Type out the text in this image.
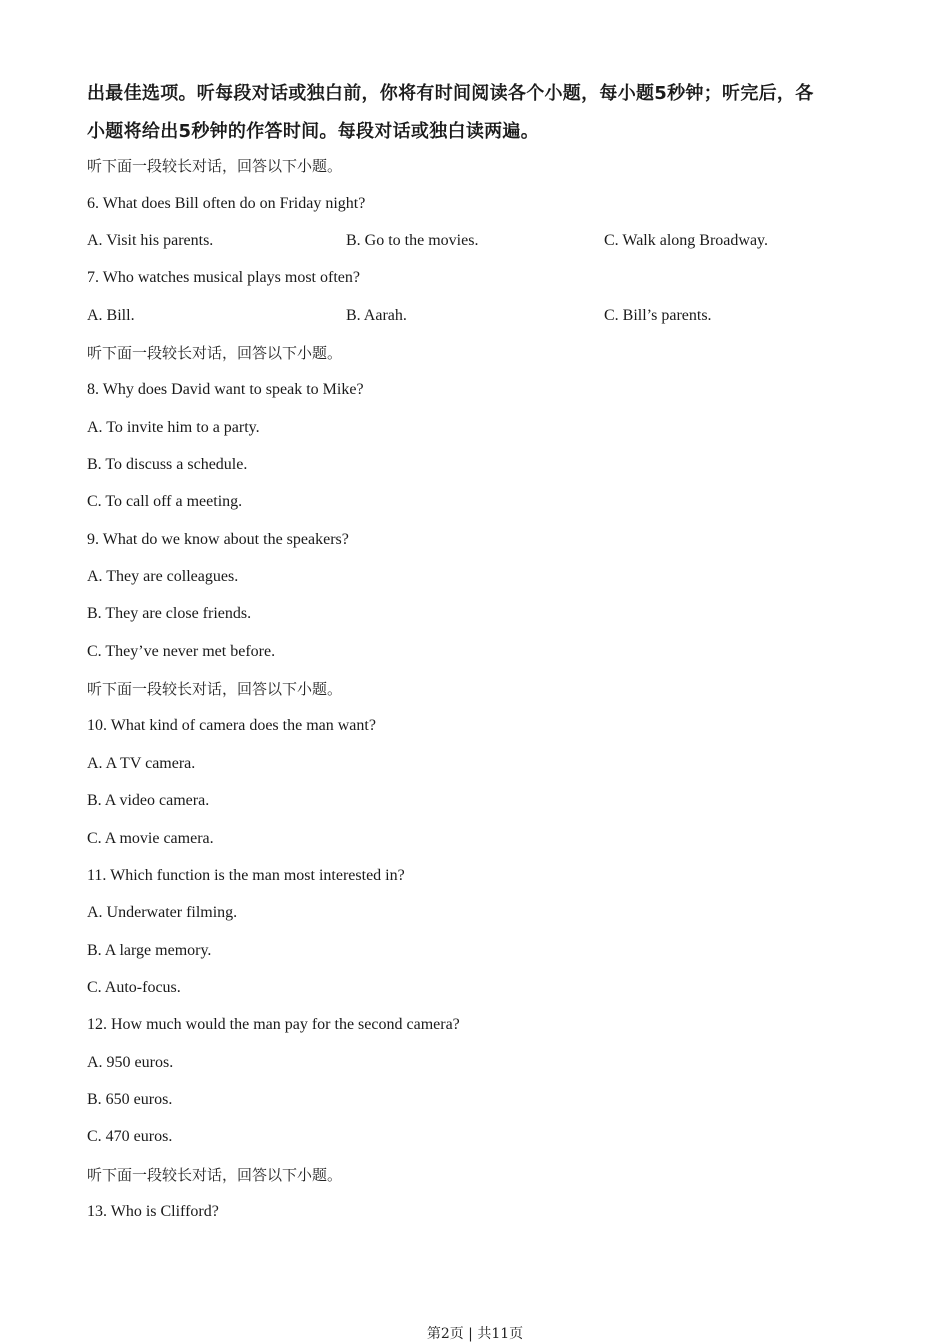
出最佳选项。听每段对话或独白前，你将有时间阅读各个小题，每小题5秒钟；听完后，各
小题将给出5秒钟的作答时间。每段对话或独白读两遍。
听下面一段较长对话，回答以下小题。
6. What does Bill often do on Friday night?
A. Visit his parents.	B. Go to the movies.	C. Walk along Broadway.
7. Who watches musical plays most often?
A. Bill.	B. Aarah.	C. Bill’s parents.
听下面一段较长对话，回答以下小题。
8. Why does David want to speak to Mike?
A. To invite him to a party.
B. To discuss a schedule.
C. To call off a meeting.
9. What do we know about the speakers?
A. They are colleagues.
B. They are close friends.
C. They’ve never met before.
听下面一段较长对话，回答以下小题。
10. What kind of camera does the man want?
A. A TV camera.
B. A video camera.
C. A movie camera.
11. Which function is the man most interested in?
A. Underwater filming.
B. A large memory.
C. Auto-focus.
12. How much would the man pay for the second camera?
A. 950 euros.
B. 650 euros.
C. 470 euros.
听下面一段较长对话，回答以下小题。
13. Who is Clifford?
第2页 | 共11页
